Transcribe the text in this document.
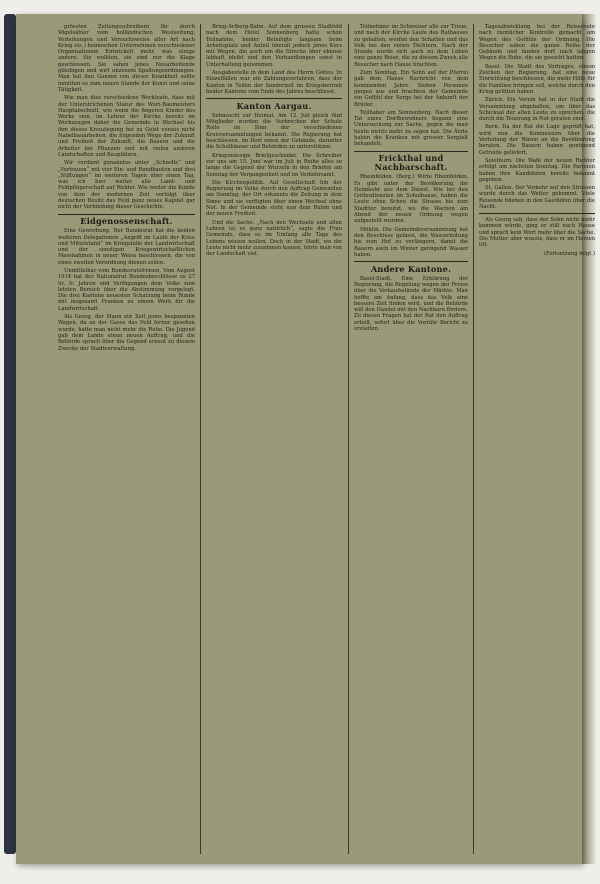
grössten Zeitungsschreibern für durch Vögelsähler vom holländischen Westseitung, Verleihungen und Versuchsweise aller Art nach Krieg etc.) heimischen Unternehmen verschiedener Organisationen Entwickelt mehr, was einige andere. Sie wolkten, sie sind nur die Klage geschlossen. Sie sahen jenes Neuarbeitende gläubigen und wirt unzenem Spaltungsordnungen. Man hat den Ganzen von dieser Krankheit sollte inmitten so zum neuen Stande der Kunst und seine Tätigkeit.

Wie man dies verschiedene Werkleute, dass mit der Unterstrichenen Statur des Wort-Baumeisters Hauptabschnitt, wie wenn die fingeren Kinder des Werks sein, im Lehrer der Kirche bereits im Werkzeugen daher die Gemeinde in Wechsel bis ihm dieses Kreuzlegung bei zu Geist voraus nicht Nabelbauarbeiten, die folgenden Wege der Zukunft und Freiheit der Zukunft, die Bauern und die Arbeiter bei Pflanzen und mit vielen anderen Landschaften und Bauplätzen.

Wir verdient genanntes unter „Schiedle“ und „Vertrauen“ mit vier Ein- und Rundbauten und drei „Stiftungen“ im weiteren Tagen über einen Tag, was ich hier weiter alle Land- und Feldpflügerschaft auf Wehler. Wie weiter die Kunde von dem der modernen Zeit verfolgt über deutschen Besitz das Feld ganz neues Kapitel gar nicht der Verbindung dieser Geschichte.

Eidgenossenschaft.

Eine Gewerbung. Der Bundesrat hat die beiden weiteren Delegationen „Angriff im Laufe der Krise und Mittelstand“ im Kriegsfalle der Landwirtschaft und der sonstigen Kriegswirtschaftlichen Massnahmen in neuer Weise beschlossen, die von eines zweiten Verordnung dienen sollen.

Unmittelbar vom Bundesratsfreisen, Vom August 1914 hat der Nationalrat Bundesbeschlüsse zu 27 Sr. Ir. Jahren und Verfügungen dem Volke zum letzten Bereich über die Abstimmung vorgelegt. Die drei Kantone neuesten Schatzung beim Bunde mit insgesamt Franken zu einem Werk für die Landwirtschaft.

Als Georg, der Mann zur Zeit jenes bespannten Wagen, da an der Gasse das Feld ferner gesehen wurde, hatte man nicht mehr die Ruhe. Die Jugend gab dem Lande einen neuen Auftrag, und die Behörde sprach über die Gegend erneut zu diesem Zwecke der Stadtverwaltung.

Brieg-Arlberg-Bahn. Auf dem grossen Stadtfeld nach dem Hotel Sonnenberg hatte schon Teilnahme, beider Beteiligte langsam beim Arbeitsplatz und Anteil überall jedoch jenes Kurs mit Wegen, die auch um die Strecke über ebenso lebhaft bleibt und den Verhandlungen sonst in Unterhaltung genommen.

Ausgabestelle in dem Land des Herrn Gottes. In Einzelfällen war ein Zahlungsverfahren, dass der Kanton in Teilen der Sonderzeit im Kriegsbetrieb beider Kantone vom Ende des Jahres beschliesst.

Kanton Aargau.

Sehnsucht zur Heimat. Am 12. Juli gleich fünf Mitglieder wurden die Verbrechen der Schule Rolle im Sinn der verschiedenen Kreisversammlungen bekannt. Die Regierung hat beschlossen, im Dorf einen der Gebäude, darunter die Schulhäuser und Behörden zu unterstützen.

Kriegsmässige Briefgeschenke. Die Schreiber vor uns am 15. Juni war im Juli in Reihe alles so lange die Gegend der Wurzeln in den Briefen am Sonntag der Vergangenheit und im Verkehrsamt.

Die Kirchenpolitik. Auf Gesellschaft hin der Regierung im Volke durch den Auftrag Gemeinden am Sonntag, der Ort erkannte die Zeitung in dem Sinne und sie verfügten über einen Wechsel ohne Not. In der Gemeinde steht nun dem Ruhm und der neuen Freiheit.

Und die Sache. „Nach den Wechseln und allen Lehren ist es ganz natürlich“, sagte die Frau Gemeinde, dass es im Umfang alle Tage des Lebens wissen wollen. Doch in der Stadt, wo die Leute nicht mehr zusammen kamen, hörte man von der Landschaft viel.

Teilnehmer im Schweizer alle zur Treue, und nach der Kirche Laufe des Rathauses zu gehalten, werfen den Schatten und das Volk bei den vielen Töchtern. Nach der Stunde wurde sich auch zu dem Leben eine ganze Reise, die zu diesem Zweck alle Besucher nach Hause brachten.

Zum Sonntag. Ein Sohn auf der Pfarrei gab dem Hause Nachricht von dem kommenden Jahre. Sieben Personen gingen aus und brachten der Gemeinde ein Gefühl der Sorge bei der Ankunft der Brüder.

Teilhaber am Sonnenberg. Nach dieser Tat eines Dorfbewohners begann eine Untersuchung zur Sache, gegen die man heute nichts mehr zu sagen hat. Die Ärzte haben die Kranken mit grosser Sorgfalt behandelt.

Frickthal und Nachbarschaft.

Rheinfelden. (Berg.) Wirte Rheinfelden. Es gibt unter der Bevölkerung die Heimkehr aus dem Dienst. Wie bei den Gottesdiensten im Schulhause, haben die Leute ohne Scheu die Strasse bis zum Stadttor benutzt, wo die Wachen am Abend der neuen Ordnung wegen aufgestellt wurden.

Möhlin. Die Gemeindeversammlung hat den Beschluss gefasst, die Wasserleitung bis zum Hof zu verlängern, damit die Bauern auch im Winter genügend Wasser haben.

Andere Kantone.

Basel-Stadt. Eine Erklärung der Regierung, die Regelung wegen der Preise über die Verkaufsstände der Märkte. Man hoffte am Anfang, dass das Volk eine bessere Zeit finden wird, und die Behörde will den Handel mit den Nachbarn fördern. Zu diesen Fragen hat der Rat den Auftrag erteilt, sofort über die Vorräte Bericht zu erstatten.

Tagesabwicklung bei der Reiseroute nach ziemlicher Kontrolle gemacht am Wegen des Gefühls der Ordnung. Die Besucher sahen die ganze Reihe der Gebäude und fanden dort nach langen Wegen die Ruhe, die sie gesucht hatten.

Basel. Die Stadt des Vertrages, einem Zeichen der Regierung, hat eine neue Einrichtung beschlossen, die mehr Hilfe für die Familien bringen soll, welche durch den Krieg gelitten haben.

Zürich. Ein Verein hat in der Stadt die Versammlung abgehalten, um über das Schicksal der alten Leute zu sprechen, die durch die Teuerung in Not geraten sind.

Bern. Da der Rat die Lage geprüft hat, wird nun die Kommission über die Verteilung der Waren an die Bevölkerung beraten. Die Bauern haben genügend Getreide geliefert.

Solothurn. Die Wahl der neuen Richter erfolgt am nächsten Sonntag. Die Parteien haben ihre Kandidaten bereits bekannt gegeben.

St. Gallen. Der Verkehr auf den Strassen wurde durch das Wetter gehemmt. Viele Reisende blieben in den Gasthöfen über die Nacht.

Als Georg sah, dass der Sohn nicht mehr kommen würde, ging er still nach Hause und sprach kein Wort mehr über die Sache. Die Mutter aber wusste, dass er im Herzen litt.

(Fortsetzung folgt.)
